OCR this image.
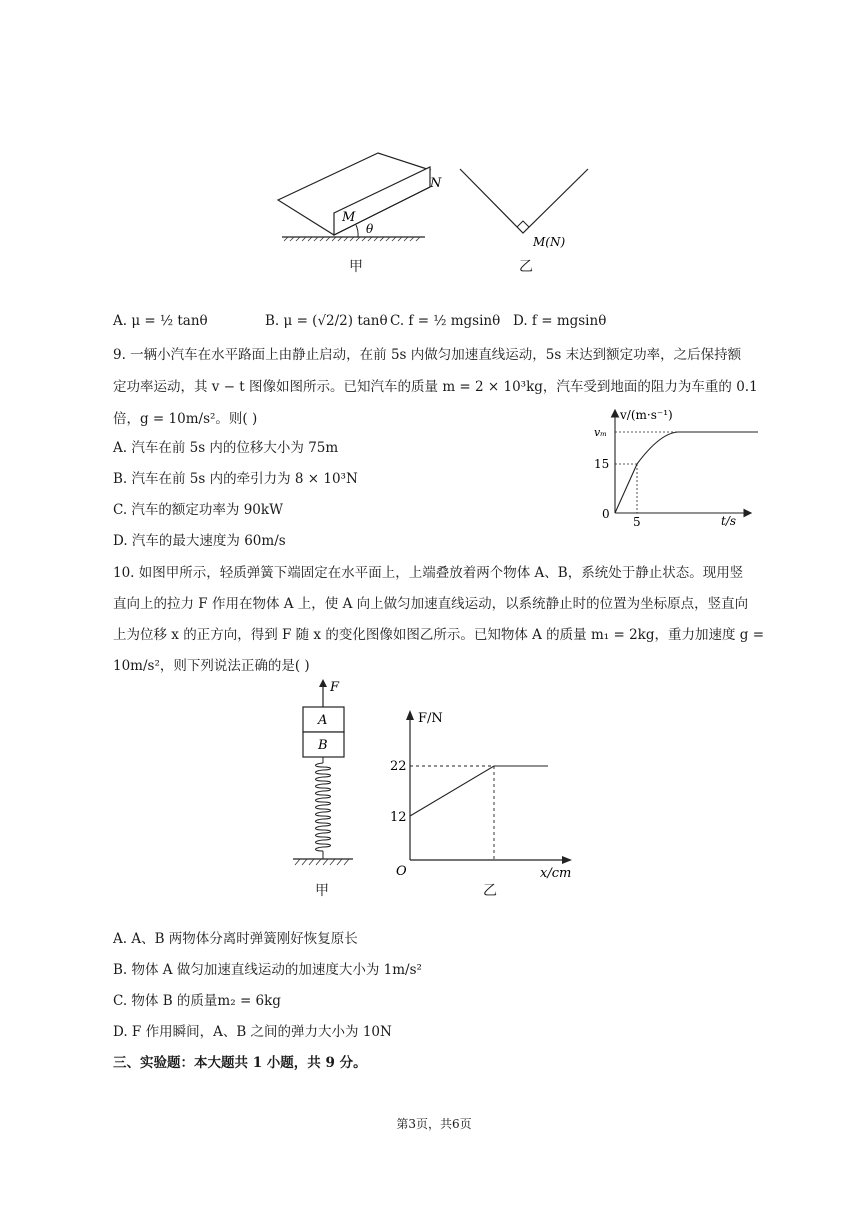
N
M
θ
M(N)
甲	乙
A. μ = ½ tanθ	B. μ = (√2/2) tanθ C. f = ½ mgsinθ D. f = mgsinθ
9. 一辆小汽车在水平路面上由静止启动，在前 5s 内做匀加速直线运动，5s 末达到额定功率，之后保持额
定功率运动，其 v − t 图像如图所示。已知汽车的质量 m = 2 × 10³kg，汽车受到地面的阻力为车重的 0.1
倍，g = 10m/s²。则( )
A. 汽车在前 5s 内的位移大小为 75m
B. 汽车在前 5s 内的牵引力为 8 × 10³N
C. 汽车的额定功率为 90kW
D. 汽车的最大速度为 60m/s
v/(m·s⁻¹)
vₘ
15
0
5	t/s
10. 如图甲所示，轻质弹簧下端固定在水平面上，上端叠放着两个物体 A、B，系统处于静止状态。现用竖
直向上的拉力 F 作用在物体 A 上，使 A 向上做匀加速直线运动，以系统静止时的位置为坐标原点，竖直向
上为位移 x 的正方向，得到 F 随 x 的变化图像如图乙所示。已知物体 A 的质量 m₁ = 2kg，重力加速度 g =
10m/s²，则下列说法正确的是( )
F
A
B
甲
F/N
22
12
O	x/cm
乙
A. A、B 两物体分离时弹簧刚好恢复原长
B. 物体 A 做匀加速直线运动的加速度大小为 1m/s²
C. 物体 B 的质量m₂ = 6kg
D. F 作用瞬间，A、B 之间的弹力大小为 10N
三、实验题：本大题共 1 小题，共 9 分。
第3页，共6页
